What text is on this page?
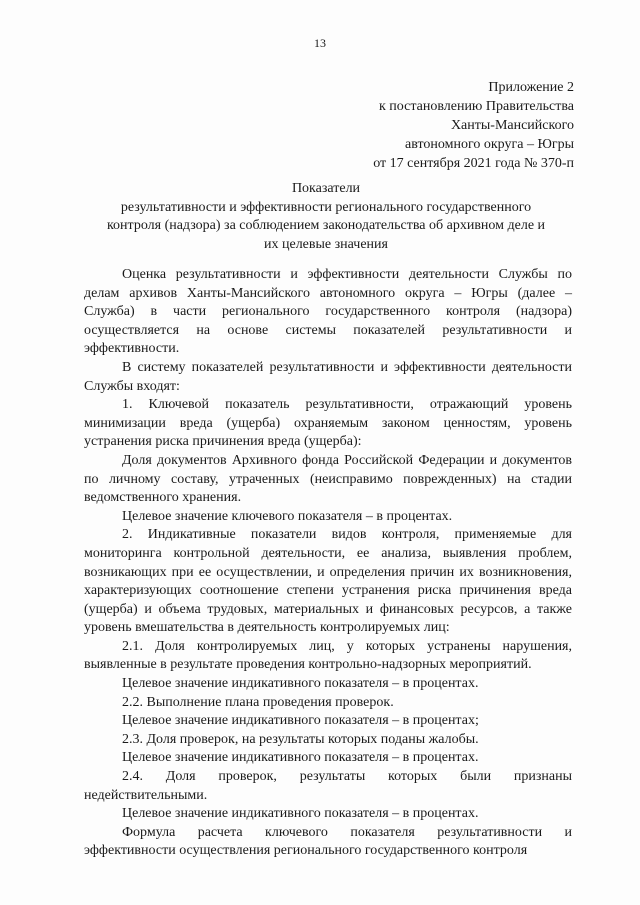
13
Приложение 2
к постановлению Правительства
Ханты-Мансийского
автономного округа – Югры
от 17 сентября 2021 года № 370-п
Показатели
результативности и эффективности регионального государственного
контроля (надзора) за соблюдением законодательства об архивном деле и
их целевые значения

Оценка результативности и эффективности деятельности Службы по делам архивов Ханты-Мансийского автономного округа – Югры (далее – Служба) в части регионального государственного контроля (надзора) осуществляется на основе системы показателей результативности и эффективности.

В систему показателей результативности и эффективности деятельности Службы входят:

1. Ключевой показатель результативности, отражающий уровень минимизации вреда (ущерба) охраняемым законом ценностям, уровень устранения риска причинения вреда (ущерба):

Доля документов Архивного фонда Российской Федерации и документов по личному составу, утраченных (неисправимо поврежденных) на стадии ведомственного хранения.

Целевое значение ключевого показателя – в процентах.

2. Индикативные показатели видов контроля, применяемые для мониторинга контрольной деятельности, ее анализа, выявления проблем, возникающих при ее осуществлении, и определения причин их возникновения, характеризующих соотношение степени устранения риска причинения вреда (ущерба) и объема трудовых, материальных и финансовых ресурсов, а также уровень вмешательства в деятельность контролируемых лиц:

2.1. Доля контролируемых лиц, у которых устранены нарушения, выявленные в результате проведения контрольно-надзорных мероприятий.

Целевое значение индикативного показателя – в процентах.

2.2. Выполнение плана проведения проверок.

Целевое значение индикативного показателя – в процентах;

2.3. Доля проверок, на результаты которых поданы жалобы.

Целевое значение индикативного показателя – в процентах.

2.4. Доля проверок, результаты которых были признаны недействительными.

Целевое значение индикативного показателя – в процентах.

Формула расчета ключевого показателя результативности и эффективности осуществления регионального государственного контроля
